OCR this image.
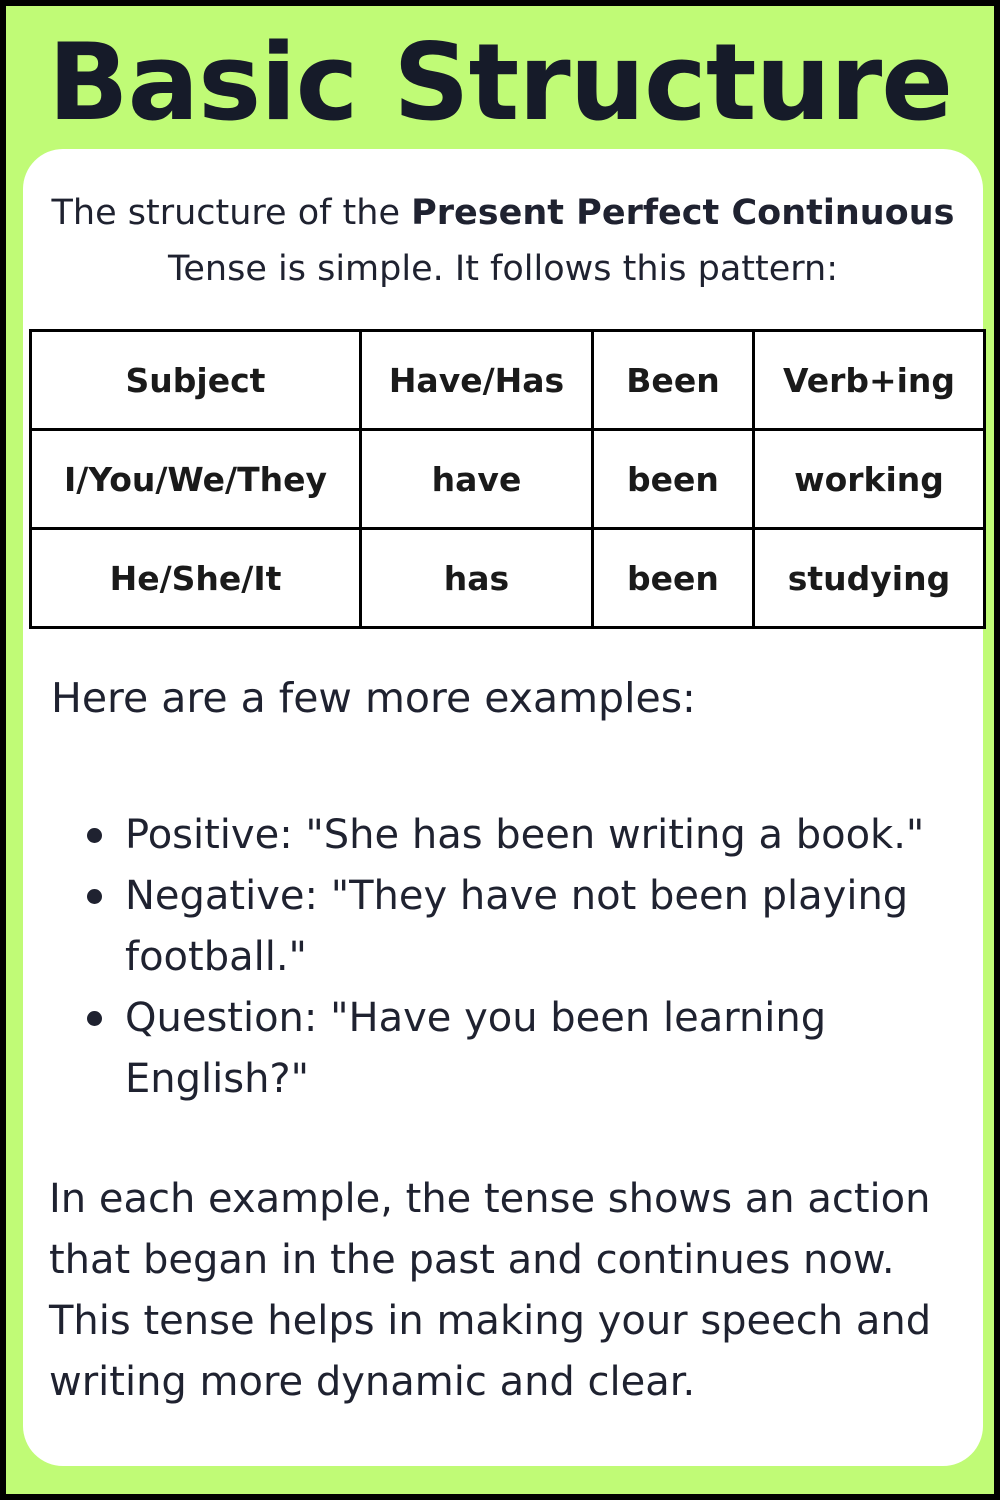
Basic Structure

The structure of the Present Perfect Continuous Tense is simple. It follows this pattern:

Subject	Have/Has	Been	Verb+ing
I/You/We/They	have	been	working
He/She/It	has	been	studying
Here are a few more examples:
Positive: "She has been writing a book."
Negative: "They have not been playing football."
Question: "Have you been learning English?"

In each example, the tense shows an action that began in the past and continues now. This tense helps in making your speech and writing more dynamic and clear.
